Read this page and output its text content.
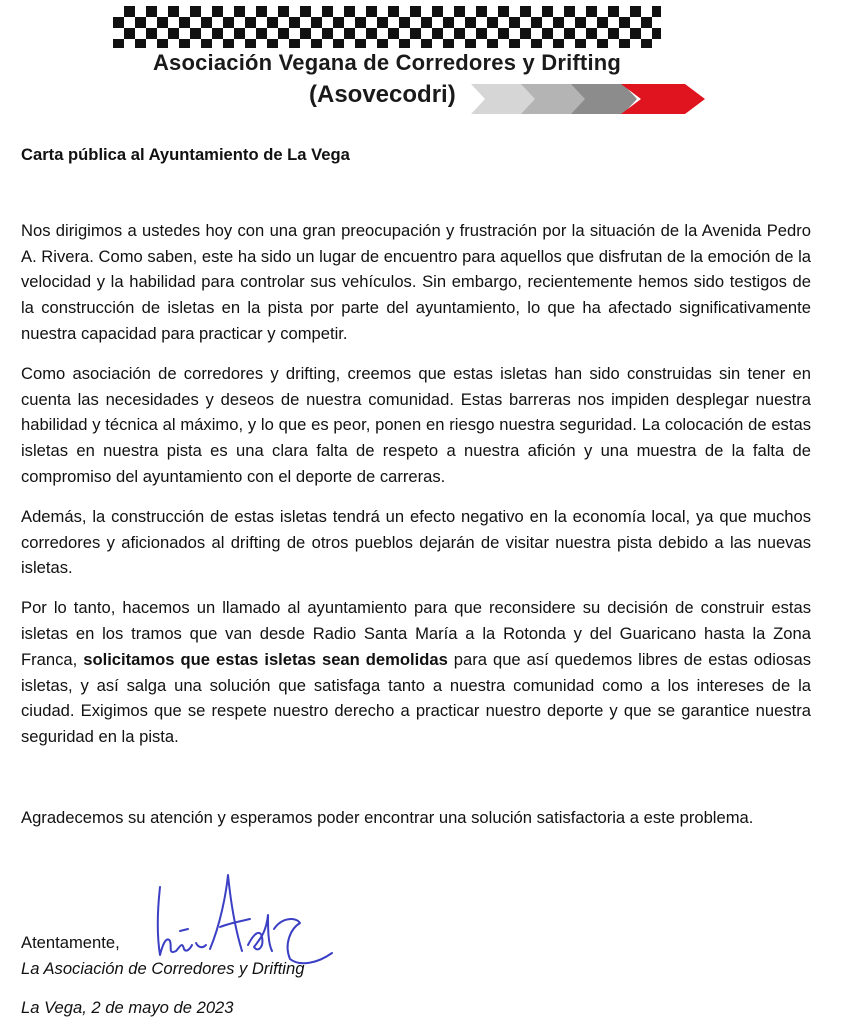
Asociación Vegana de Corredores y Drifting
(Asovecodri)

Carta pública al Ayuntamiento de La Vega

Nos dirigimos a ustedes hoy con una gran preocupación y frustración por la situación de la Avenida Pedro A. Rivera. Como saben, este ha sido un lugar de encuentro para aquellos que disfrutan de la emoción de la velocidad y la habilidad para controlar sus vehículos. Sin embargo, recientemente hemos sido testigos de la construcción de isletas en la pista por parte del ayuntamiento, lo que ha afectado significativamente nuestra capacidad para practicar y competir.

Como asociación de corredores y drifting, creemos que estas isletas han sido construidas sin tener en cuenta las necesidades y deseos de nuestra comunidad. Estas barreras nos impiden desplegar nuestra habilidad y técnica al máximo, y lo que es peor, ponen en riesgo nuestra seguridad. La colocación de estas isletas en nuestra pista es una clara falta de respeto a nuestra afición y una muestra de la falta de compromiso del ayuntamiento con el deporte de carreras.

Además, la construcción de estas isletas tendrá un efecto negativo en la economía local, ya que muchos corredores y aficionados al drifting de otros pueblos dejarán de visitar nuestra pista debido a las nuevas isletas.

Por lo tanto, hacemos un llamado al ayuntamiento para que reconsidere su decisión de construir estas isletas en los tramos que van desde Radio Santa María a la Rotonda y del Guaricano hasta la Zona Franca, solicitamos que estas isletas sean demolidas para que así quedemos libres de estas odiosas isletas, y así salga una solución que satisfaga tanto a nuestra comunidad como a los intereses de la ciudad. Exigimos que se respete nuestro derecho a practicar nuestro deporte y que se garantice nuestra seguridad en la pista.

Agradecemos su atención y esperamos poder encontrar una solución satisfactoria a este problema.

Atentamente,
La Asociación de Corredores y Drifting
La Vega, 2 de mayo de 2023
